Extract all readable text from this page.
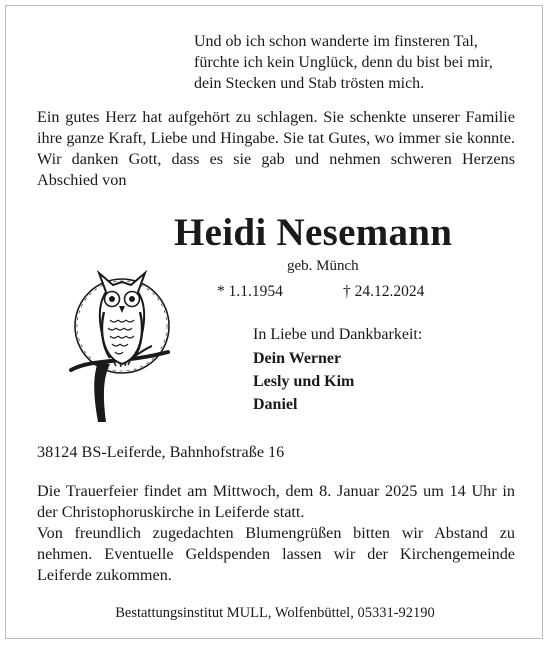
Und ob ich schon wanderte im finsteren Tal,
fürchte ich kein Unglück, denn du bist bei mir,
dein Stecken und Stab trösten mich.
Ein gutes Herz hat aufgehört zu schlagen. Sie schenkte unserer Familie ihre ganze Kraft, Liebe und Hingabe. Sie tat Gutes, wo immer sie konnte. Wir danken Gott, dass es sie gab und nehmen schweren Herzens Abschied von
Heidi Nesemann
geb. Münch
* 1.1.1954	† 24.12.2024
In Liebe und Dankbarkeit:
Dein Werner
Lesly und Kim
Daniel
38124 BS-Leiferde, Bahnhofstraße 16

Die Trauerfeier findet am Mittwoch, dem 8. Januar 2025 um 14 Uhr in der Christophoruskirche in Leiferde statt.

Von freundlich zugedachten Blumengrüßen bitten wir Abstand zu nehmen. Eventuelle Geldspenden lassen wir der Kirchengemeinde Leiferde zukommen.

Bestattungsinstitut MULL, Wolfenbüttel, 05331-92190
